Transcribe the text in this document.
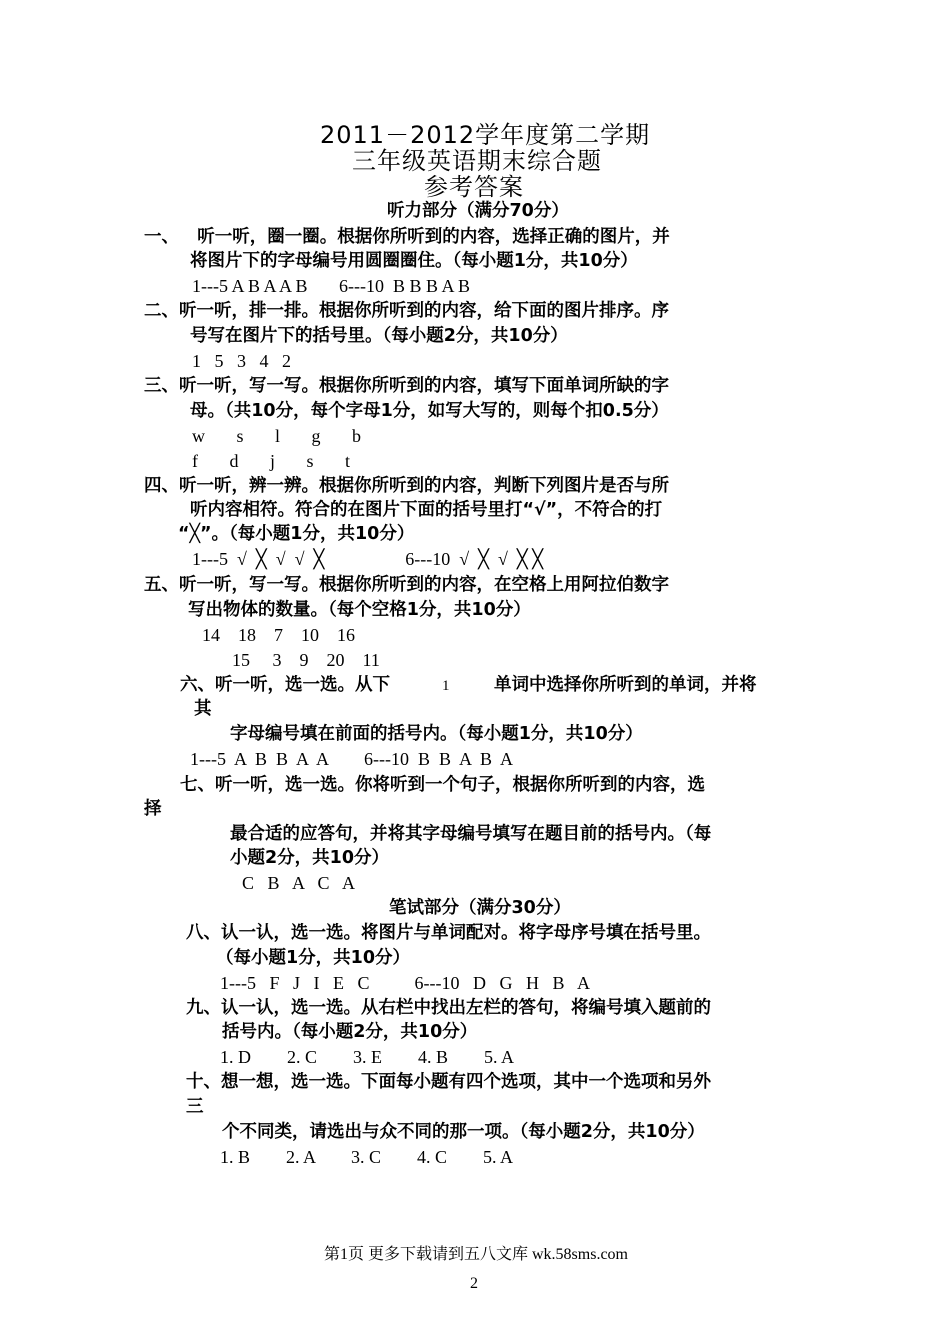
2011－2012学年度第二学期
三年级英语期末综合题
参考答案
听力部分（满分70分）
一、   听一听，圈一圈。根据你所听到的内容，选择正确的图片，并
将图片下的字母编号用圆圈圈住。（每小题1分，共10分）
1---5 A B A A B       6---10  B B B A B
二、听一听，排一排。根据你所听到的内容，给下面的图片排序。序
号写在图片下的括号里。（每小题2分，共10分）
1   5   3   4   2
三、听一听，写一写。根据你所听到的内容，填写下面单词所缺的字
母。（共10分，每个字母1分，如写大写的，则每个扣0.5分）
w       s       l       g       b
f       d       j       s       t
四、听一听，辨一辨。根据你所听到的内容，判断下列图片是否与所
听内容相符。符合的在图片下面的括号里打“√”，不符合的打
“╳”。（每小题1分，共10分）
1---5  √  ╳  √  √  ╳                  6---10  √  ╳  √  ╳ ╳
五、听一听，写一写。根据你所听到的内容，在空格上用阿拉伯数字
写出物体的数量。（每个空格1分，共10分）
14    18    7    10    16
15     3    9    20    11
六、听一听，选一选。从下	1	单词中选择你所听到的单词，并将
其
字母编号填在前面的括号内。（每小题1分，共10分）
1---5  A  B  B  A  A        6---10  B  B  A  B  A
七、听一听，选一选。你将听到一个句子，根据你所听到的内容，选
择
最合适的应答句，并将其字母编号填写在题目前的括号内。（每
小题2分，共10分）
C   B   A   C   A
笔试部分（满分30分）
八、认一认，选一选。将图片与单词配对。将字母序号填在括号里。
（每小题1分，共10分）
1---5   F   J   I   E   C          6---10   D   G   H   B   A
九、认一认，选一选。从右栏中找出左栏的答句，将编号填入题前的
括号内。（每小题2分，共10分）
1. D        2. C        3. E        4. B        5. A
十、想一想，选一选。下面每小题有四个选项，其中一个选项和另外
三
个不同类，请选出与众不同的那一项。（每小题2分，共10分）
1. B        2. A        3. C        4. C        5. A
第1页 更多下载请到五八文库 wk.58sms.com
2
